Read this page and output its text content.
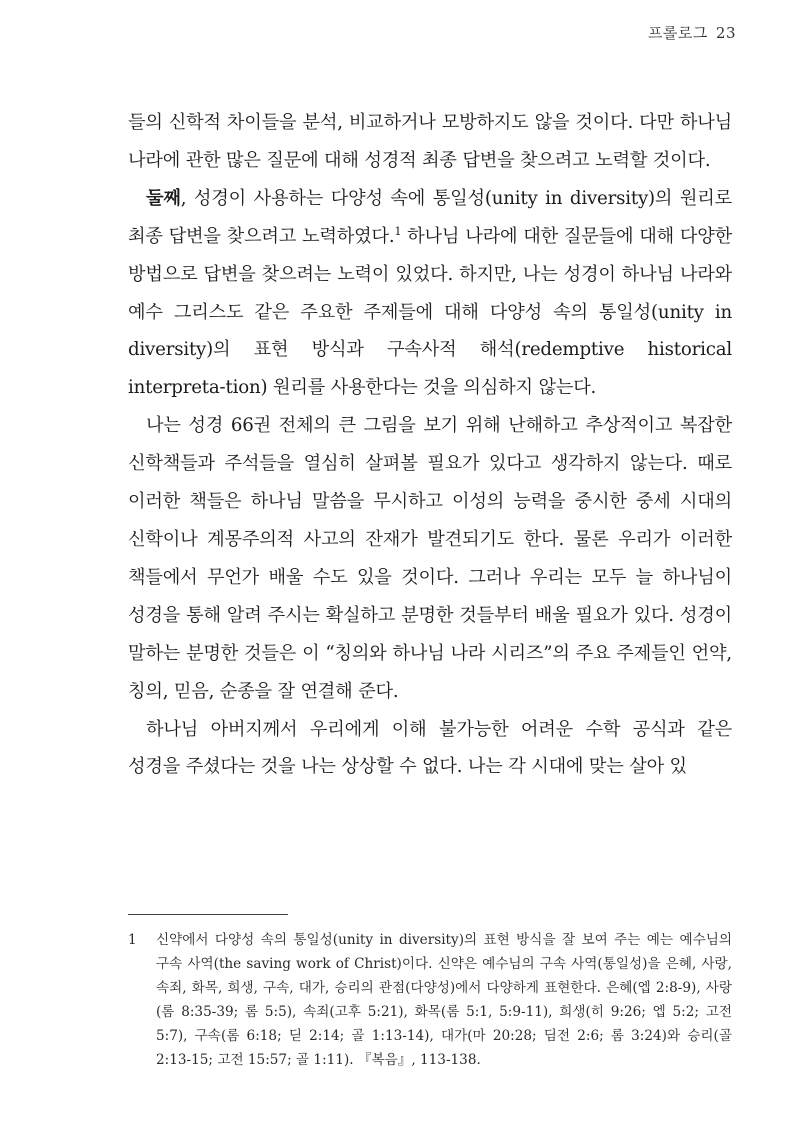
프롤로그 23

들의 신학적 차이들을 분석, 비교하거나 모방하지도 않을 것이다. 다만 하나님 나라에 관한 많은 질문에 대해 성경적 최종 답변을 찾으려고 노력할 것이다.

둘째, 성경이 사용하는 다양성 속에 통일성(unity in diversity)의 원리로 최종 답변을 찾으려고 노력하였다.$^1$ 하나님 나라에 대한 질문들에 대해 다양한 방법으로 답변을 찾으려는 노력이 있었다. 하지만, 나는 성경이 하나님 나라와 예수 그리스도 같은 주요한 주제들에 대해 다양성 속의 통일성(unity in diversity)의 표현 방식과 구속사적 해석(redemptive historical interpreta-tion) 원리를 사용한다는 것을 의심하지 않는다.

나는 성경 66권 전체의 큰 그림을 보기 위해 난해하고 추상적이고 복잡한 신학책들과 주석들을 열심히 살펴볼 필요가 있다고 생각하지 않는다. 때로 이러한 책들은 하나님 말씀을 무시하고 이성의 능력을 중시한 중세 시대의 신학이나 계몽주의적 사고의 잔재가 발견되기도 한다. 물론 우리가 이러한 책들에서 무언가 배울 수도 있을 것이다. 그러나 우리는 모두 늘 하나님이 성경을 통해 알려 주시는 확실하고 분명한 것들부터 배울 필요가 있다. 성경이 말하는 분명한 것들은 이 “칭의와 하나님 나라 시리즈”의 주요 주제들인 언약, 칭의, 믿음, 순종을 잘 연결해 준다.

하나님 아버지께서 우리에게 이해 불가능한 어려운 수학 공식과 같은 성경을 주셨다는 것을 나는 상상할 수 없다. 나는 각 시대에 맞는 살아 있

1	신약에서 다양성 속의 통일성(unity in diversity)의 표현 방식을 잘 보여 주는 예는 예수님의 구속 사역(the saving work of Christ)이다. 신약은 예수님의 구속 사역(통일성)을 은혜, 사랑, 속죄, 화목, 희생, 구속, 대가, 승리의 관점(다양성)에서 다양하게 표현한다. 은혜(엡 2:8-9), 사랑(롬 8:35-39; 롬 5:5), 속죄(고후 5:21), 화목(롬 5:1, 5:9-11), 희생(히 9:26; 엡 5:2; 고전 5:7), 구속(롬 6:18; 딛 2:14; 골 1:13-14), 대가(마 20:28; 딤전 2:6; 롬 3:24)와 승리(골 2:13-15; 고전 15:57; 골 1:11). 『복음』, 113-138.
